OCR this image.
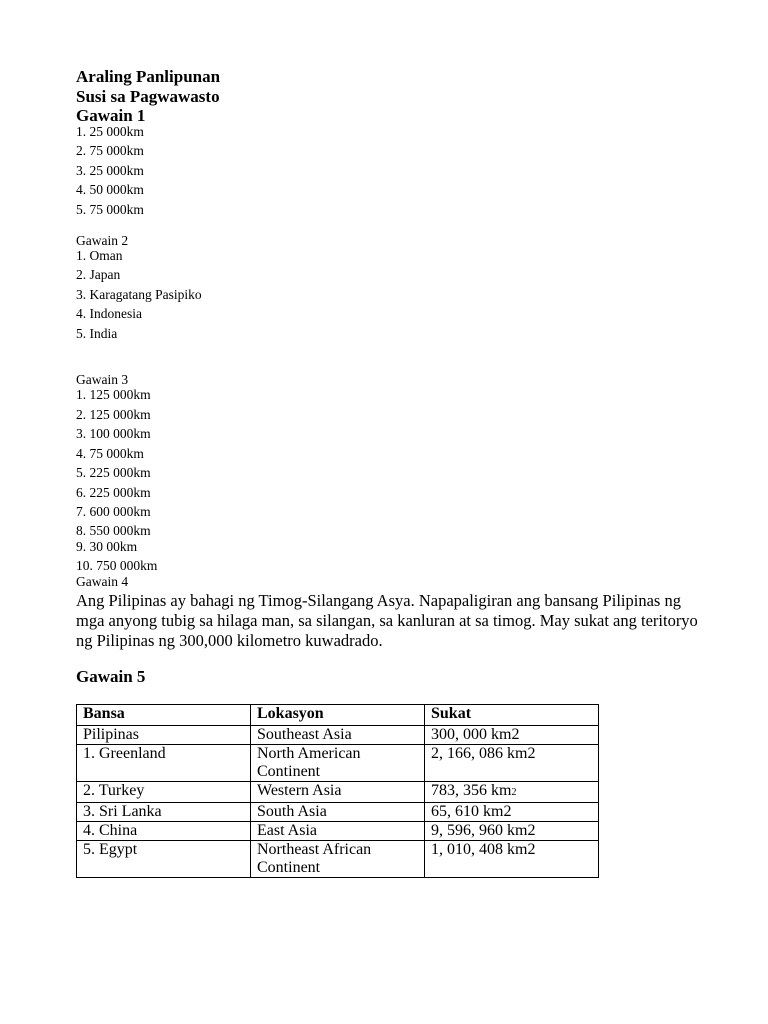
Araling Panlipunan
Susi sa Pagwawasto
Gawain 1
1. 25 000km
2. 75 000km
3. 25 000km
4. 50 000km
5. 75 000km
Gawain 2
1. Oman
2. Japan
3. Karagatang Pasipiko
4. Indonesia
5. India
Gawain 3
1. 125 000km
2. 125 000km
3. 100 000km
4. 75 000km
5. 225 000km
6. 225 000km
7. 600 000km
8. 550 000km
9. 30 00km
10. 750 000km
Gawain 4
Ang Pilipinas ay bahagi ng Timog-Silangang Asya. Napapaligiran ang bansang Pilipinas ng
mga anyong tubig sa hilaga man, sa silangan, sa kanluran at sa timog. May sukat ang teritoryo
ng Pilipinas ng 300,000 kilometro kuwadrado.
Gawain 5
Bansa	Lokasyon	Sukat
Pilipinas	Southeast Asia	300, 000 km2
1. Greenland	North American Continent	2, 166, 086 km2
2. Turkey	Western Asia	783, 356 km2
3. Sri Lanka	South Asia	65, 610 km2
4. China	East Asia	9, 596, 960 km2
5. Egypt	Northeast African Continent	1, 010, 408 km2
